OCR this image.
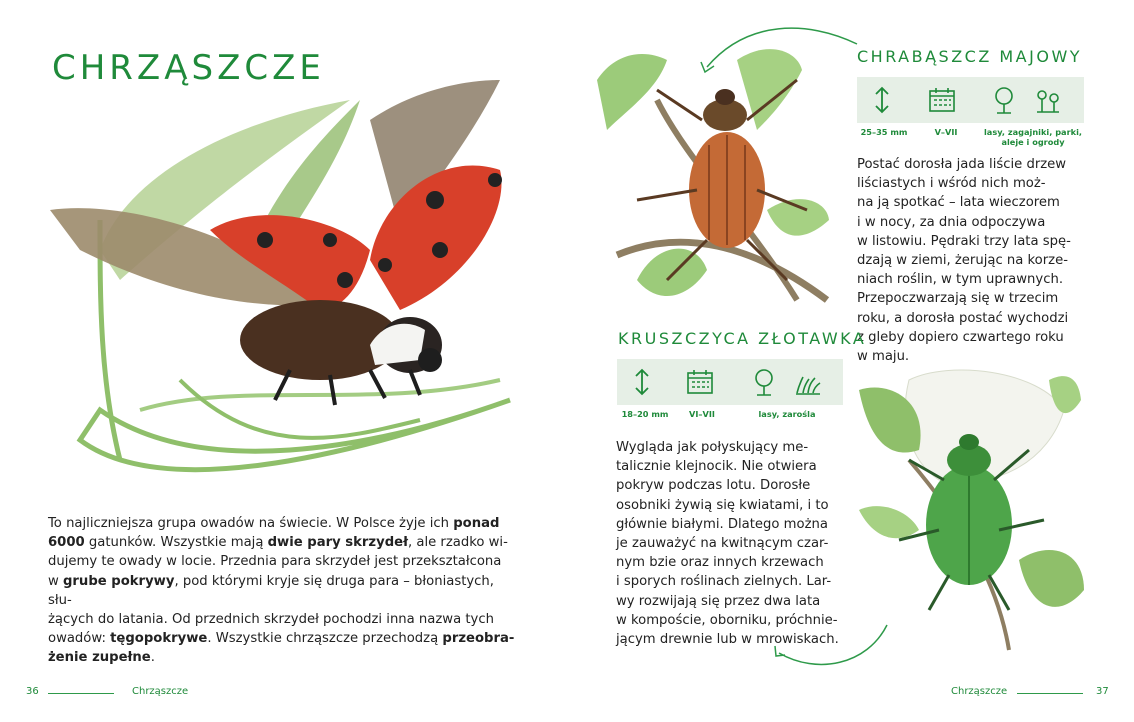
CHRZĄSZCZE

To najliczniejsza grupa owadów na świecie. W Polsce żyje ich ponad
6000 gatunków. Wszystkie mają dwie pary skrzydeł, ale rzadko wi-
dujemy te owady w locie. Przednia para skrzydeł jest przekształcona
w grube pokrywy, pod którymi kryje się druga para – błoniastych, słu-
żących do latania. Od przednich skrzydeł pochodzi inna nazwa tych
owadów: tęgopokrywe. Wszystkie chrząszcze przechodzą przeobra-
żenie zupełne.

36	Chrząszcze
CHRABĄSZCZ MAJOWY
25–35 mm	V–VII	lasy, zagajniki, parki,
aleje i ogrody

Postać dorosła jada liście drzew
liściastych i wśród nich moż-
na ją spotkać – lata wieczorem
i w nocy, za dnia odpoczywa
w listowiu. Pędraki trzy lata spę-
dzają w ziemi, żerując na korze-
niach roślin, w tym uprawnych.
Przepoczwarzają się w trzecim
roku, a dorosła postać wychodzi
z gleby dopiero czwartego roku
w maju.

KRUSZCZYCA ZŁOTAWKA
18–20 mm	VI–VII	lasy, zarośla

Wygląda jak połyskujący me-
talicznie klejnocik. Nie otwiera
pokryw podczas lotu. Dorosłe
osobniki żywią się kwiatami, i to
głównie białymi. Dlatego można
je zauważyć na kwitnącym czar-
nym bzie oraz innych krzewach
i sporych roślinach zielnych. Lar-
wy rozwijają się przez dwa lata
w kompoście, oborniku, próchnie-
jącym drewnie lub w mrowiskach.

Chrząszcze	37
